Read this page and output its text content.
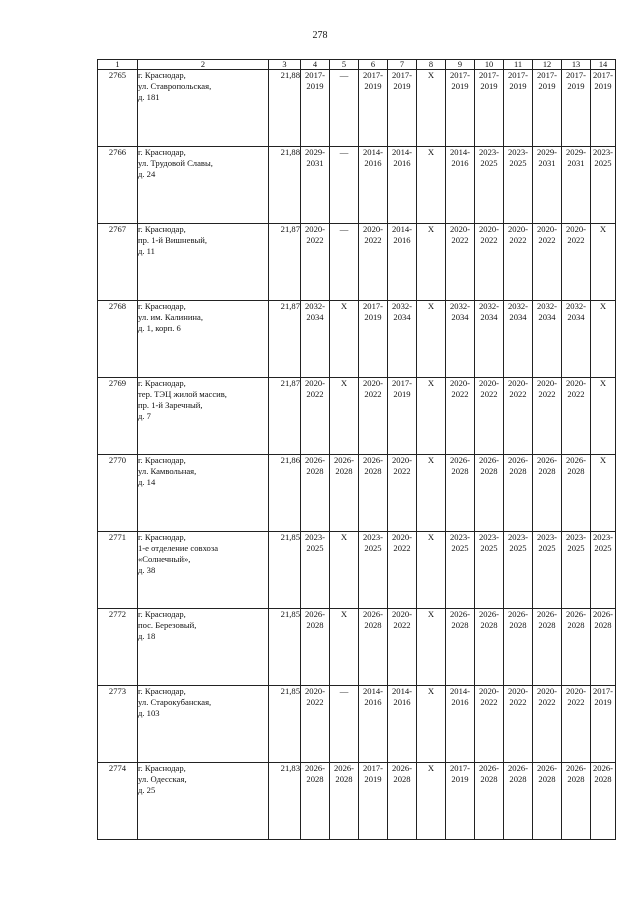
278
1	2	3	4	5	6	7	8	9	10	11	12	13	14
2765	г. Краснодар,
ул. Ставропольская,
д. 181	21,88	2017-
2019	—	2017-
2019	2017-
2019	Х	2017-
2019	2017-
2019	2017-
2019	2017-
2019	2017-
2019	2017-
2019

2766	г. Краснодар,
ул. Трудовой Славы,
д. 24	21,88	2029-
2031	—	2014-
2016	2014-
2016	Х	2014-
2016	2023-
2025	2023-
2025	2029-
2031	2029-
2031	2023-
2025

2767	г. Краснодар,
пр. 1-й Вишневый,
д. 11	21,87	2020-
2022	—	2020-
2022	2014-
2016	Х	2020-
2022	2020-
2022	2020-
2022	2020-
2022	2020-
2022	Х

2768	г. Краснодар,
ул. им. Калинина,
д. 1, корп. 6	21,87	2032-
2034	Х	2017-
2019	2032-
2034	Х	2032-
2034	2032-
2034	2032-
2034	2032-
2034	2032-
2034	Х

2769	г. Краснодар,
тер. ТЭЦ жилой массив,
пр. 1-й Заречный,
д. 7	21,87	2020-
2022	Х	2020-
2022	2017-
2019	Х	2020-
2022	2020-
2022	2020-
2022	2020-
2022	2020-
2022	Х

2770	г. Краснодар,
ул. Камвольная,
д. 14	21,86	2026-
2028	2026-
2028	2026-
2028	2020-
2022	Х	2026-
2028	2026-
2028	2026-
2028	2026-
2028	2026-
2028	Х

2771	г. Краснодар,
1-е отделение совхоза
«Солнечный»,
д. 38	21,85	2023-
2025	Х	2023-
2025	2020-
2022	Х	2023-
2025	2023-
2025	2023-
2025	2023-
2025	2023-
2025	2023-
2025

2772	г. Краснодар,
пос. Березовый,
д. 18	21,85	2026-
2028	Х	2026-
2028	2020-
2022	Х	2026-
2028	2026-
2028	2026-
2028	2026-
2028	2026-
2028	2026-
2028

2773	г. Краснодар,
ул. Старокубанская,
д. 103	21,85	2020-
2022	—	2014-
2016	2014-
2016	Х	2014-
2016	2020-
2022	2020-
2022	2020-
2022	2020-
2022	2017-
2019

2774	г. Краснодар,
ул. Одесская,
д. 25	21,83	2026-
2028	2026-
2028	2017-
2019	2026-
2028	Х	2017-
2019	2026-
2028	2026-
2028	2026-
2028	2026-
2028	2026-
2028
